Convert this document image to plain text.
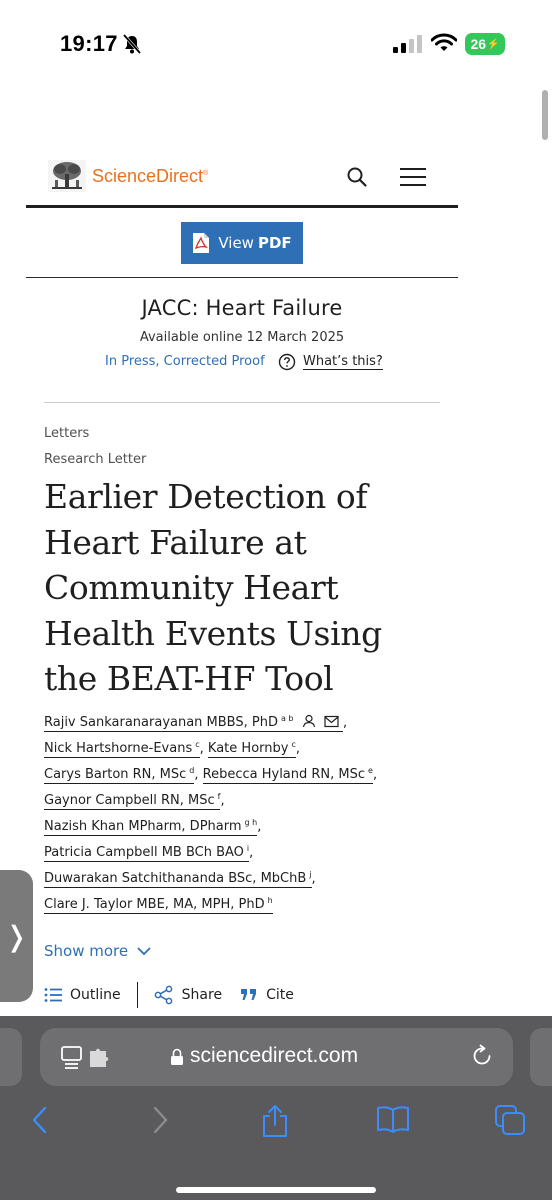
19:17	26 ⚡
ScienceDirect®
View PDF
JACC: Heart Failure
Available online 12 March 2025
In Press, Corrected Proof	What’s this?
Letters
Research Letter
Earlier Detection of
Heart Failure at
Community Heart
Health Events Using
the BEAT-HF Tool
Rajiv Sankaranarayanan MBBS, PhD $^{a b}$	,
Nick Hartshorne-Evans $^c$, Kate Hornby $^c$,
Carys Barton RN, MSc $^d$, Rebecca Hyland RN, MSc $^e$,
Gaynor Campbell RN, MSc $^f$,
Nazish Khan MPharm, DPharm $^{g h}$,
Patricia Campbell MB BCh BAO $^i$,
Duwarakan Satchithananda BSc, MbChB $^j$,
Clare J. Taylor MBE, MA, MPH, PhD $^h$
Show more
Outline	Share	Cite
❭
sciencedirect.com
